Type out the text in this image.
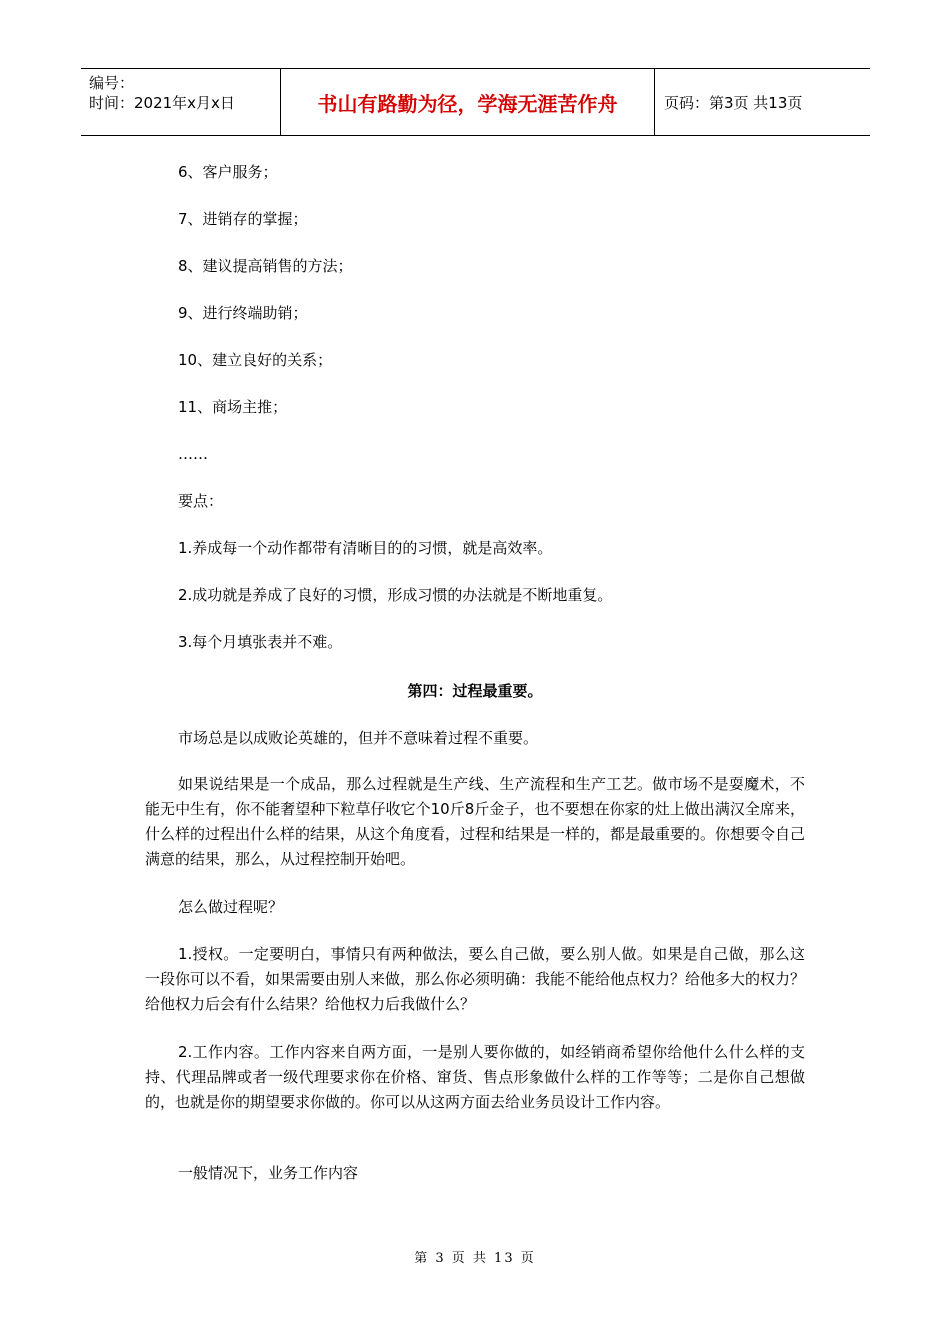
编号：
时间：2021年x月x日	书山有路勤为径，学海无涯苦作舟	页码：第3页 共13页
6、客户服务；
7、进销存的掌握；
8、建议提高销售的方法；
9、进行终端助销；
10、建立良好的关系；
11、商场主推；
……
要点：
1.养成每一个动作都带有清晰目的的习惯，就是高效率。
2.成功就是养成了良好的习惯，形成习惯的办法就是不断地重复。
3.每个月填张表并不难。
第四：过程最重要。

市场总是以成败论英雄的，但并不意味着过程不重要。

如果说结果是一个成品，那么过程就是生产线、生产流程和生产工艺。做市场不是耍魔术，不能无中生有，你不能奢望种下粒草仔收它个10斤8斤金子，也不要想在你家的灶上做出满汉全席来，什么样的过程出什么样的结果，从这个角度看，过程和结果是一样的，都是最重要的。你想要令自己满意的结果，那么，从过程控制开始吧。

怎么做过程呢？

1.授权。一定要明白，事情只有两种做法，要么自己做，要么别人做。如果是自己做，那么这一段你可以不看，如果需要由别人来做，那么你必须明确：我能不能给他点权力？给他多大的权力？给他权力后会有什么结果？给他权力后我做什么？

2.工作内容。工作内容来自两方面，一是别人要你做的，如经销商希望你给他什么什么样的支持、代理品牌或者一级代理要求你在价格、窜货、售点形象做什么样的工作等等；二是你自己想做的，也就是你的期望要求你做的。你可以从这两方面去给业务员设计工作内容。

一般情况下，业务工作内容

第 3 页 共 13 页
